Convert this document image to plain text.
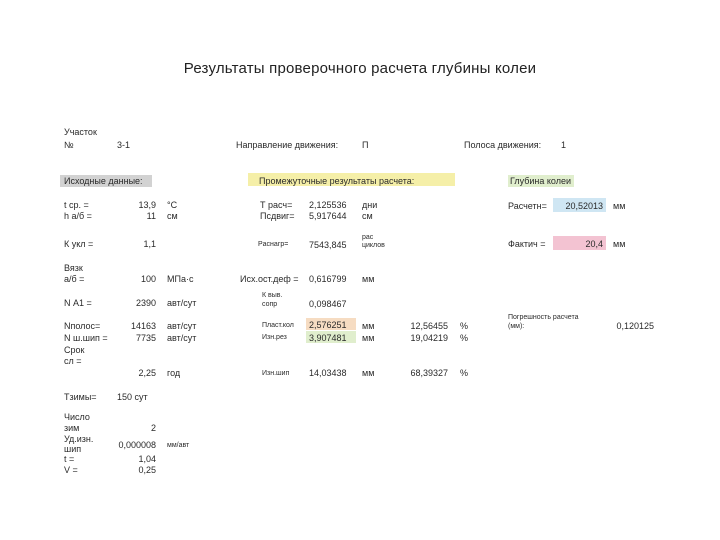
Результаты проверочного расчета глубины колеи
Участок
№	3-1	Направление движения:	П	Полоса движения: 1
Исходные данные:	Промежуточные результаты расчета:	Глубина колеи
t ср. =	13,9 °С
h а/б =	11 см
К укл =	1,1
Вязк
а/б =	100 МПа·с
N А1 =	2390 авт/сут
Nполос=	14163 авт/сут
N ш.шип =	7735 авт/сут
Срок
сл =
2,25 год
Тзимы= 150 сут
Число
зим	2
Уд.изн.
шип	0,000008 мм/авт
t =	1,04
V =	0,25
Т расч= 2,125536 дни
Псдвиг= 5,917644 см
Рacнагр= 7543,845
рас
циклов
Исх.ост.деф = 0,616799 мм
К выв.
сопр	0,098467
Пласт.кол 2,576251 мм	12,56455 %
Изн.рез 3,907481 мм	19,04219 %
Изн.шип 14,03438 мм	68,39327 %
Расчетн=	20,52013 мм
Фактич =	20,4 мм
Погрешность расчета
(мм):	0,120125
